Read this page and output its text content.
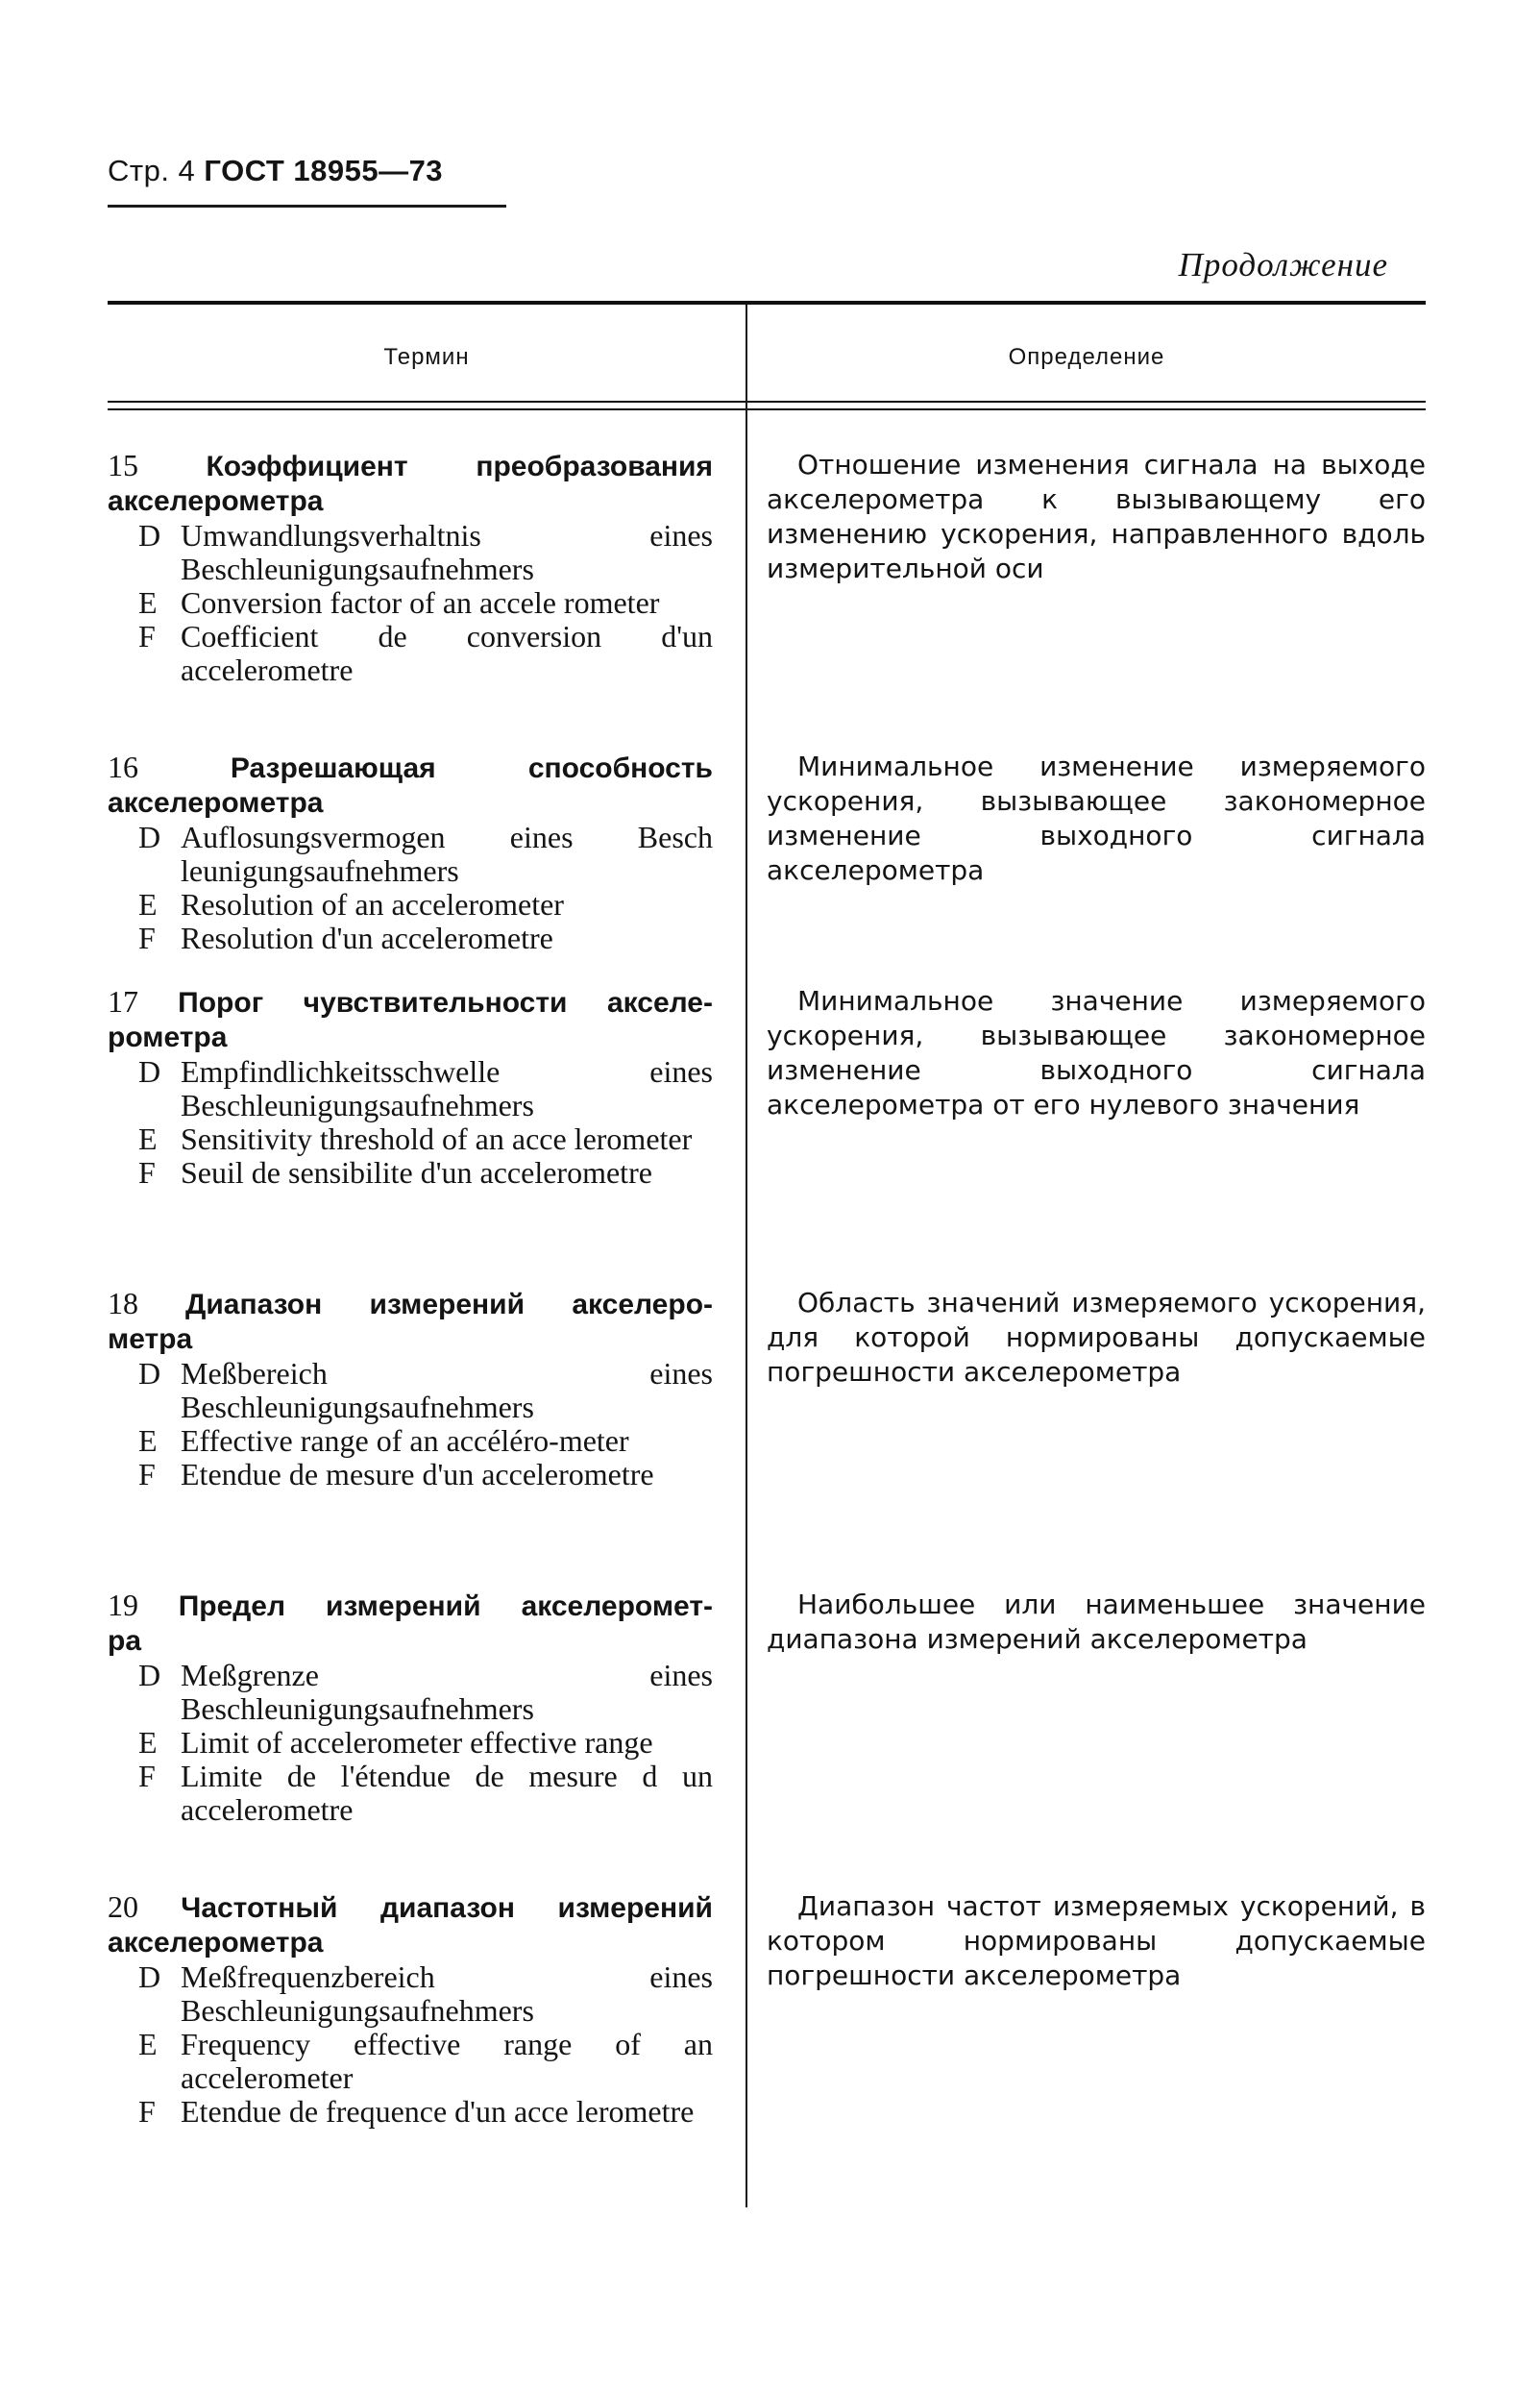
Стр. 4 ГОСТ 18955—73
Продолжение
Термин	Определение
15 Коэффициент преобразования
акселерометра
D Umwandlungsverhaltnis eines Beschleunigungsaufnehmers
E Conversion factor of an accele rometer
F Coefficient de conversion d'un accelerometre
Отношение изменения сигнала на выходе акселерометра к вызывающему его изменению ускорения, направленного вдоль измерительной оси
16	Разрешающая способность
акселерометра
D Auflosungsvermogen eines Besch leunigungsaufnehmers
E Resolution of an accelerometer
F Resolution d'un accelerometre
Минимальное изменение измеряемого ускорения, вызывающее закономерное изменение выходного сигнала акселерометра
17 Порог чувствительности акселе-
рометра
D Empfindlichkeitsschwelle eines Beschleunigungsaufnehmers
E Sensitivity threshold of an acce lerometer
F Seuil de sensibilite d'un accelerometre
Минимальное значение измеряемого ускорения, вызывающее закономерное изменение выходного сигнала акселерометра от его нулевого значения
18 Диапазон измерений акселеро-
метра
D Meßbereich eines Beschleunigungsaufnehmers
E Effective range of an accéléro-meter
F Etendue de mesure d'un accelerometre
Область значений измеряемого ускорения, для которой нормированы допускаемые погрешности акселерометра
19 Предел измерений акселеромет-
ра
D Meßgrenze eines Beschleunigungsaufnehmers
E Limit of accelerometer effective range
F Limite de l'étendue de mesure d un accelerometre
Наибольшее или наименьшее значение диапазона измерений акселерометра
20 Частотный диапазон измерений
акселерометра
D Meßfrequenzbereich eines Beschleunigungsaufnehmers
E Frequency effective range of an accelerometer
F Etendue de frequence d'un acce lerometre
Диапазон частот измеряемых ускорений, в котором нормированы допускаемые погрешности акселерометра
